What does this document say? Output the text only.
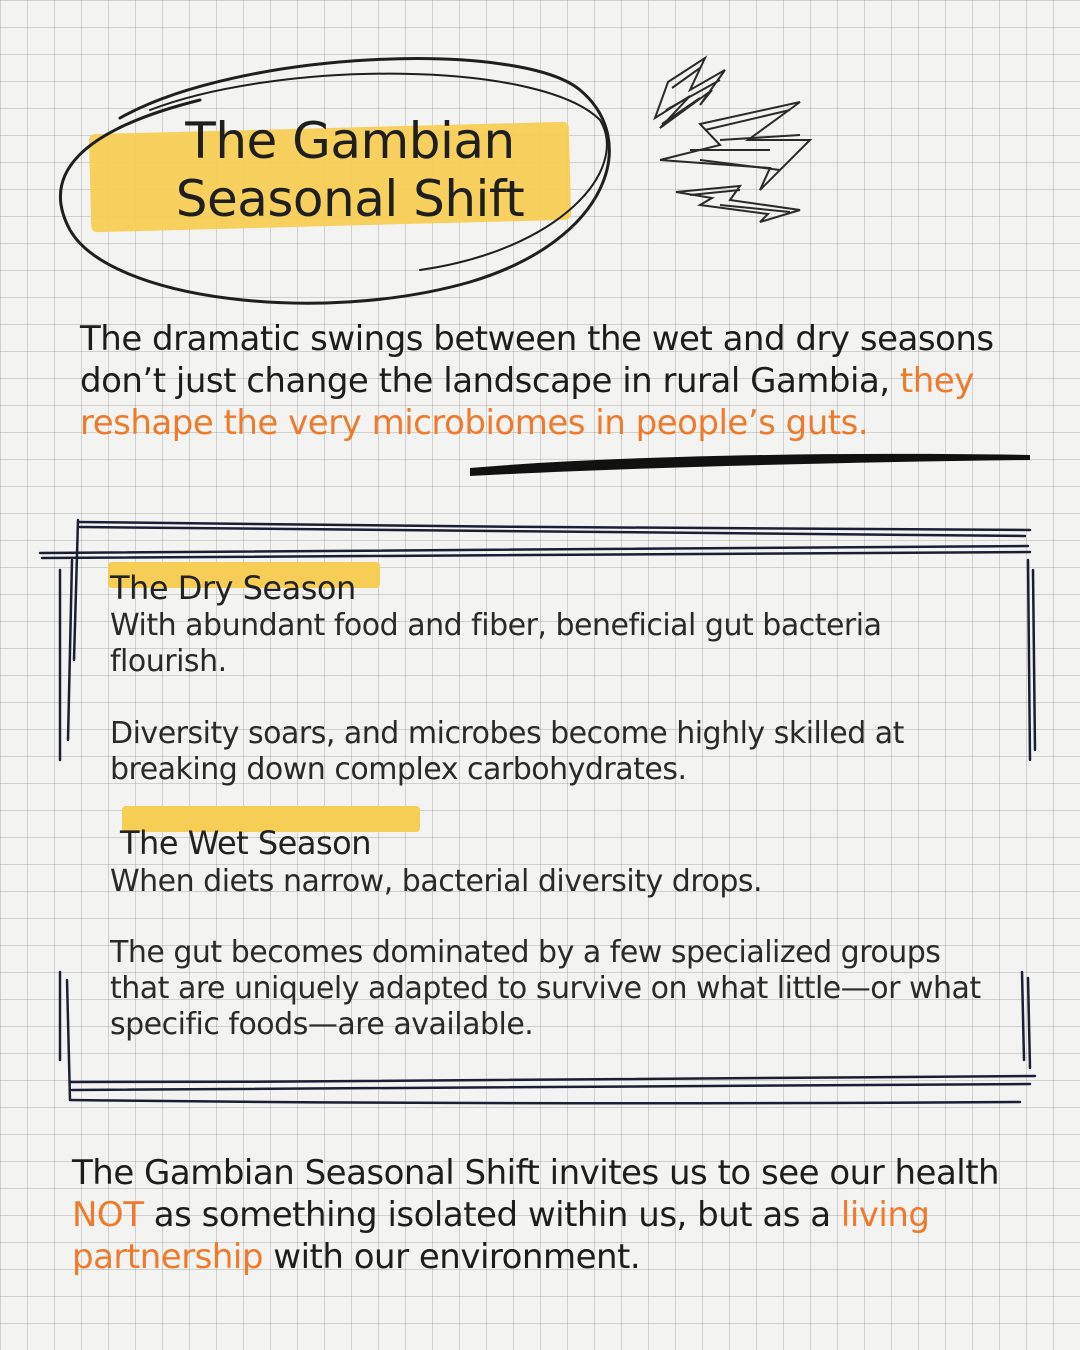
The Gambian
Seasonal Shift
The dramatic swings between the wet and dry seasons don’t just change the landscape in rural Gambia, they reshape the very microbiomes in people’s guts.
The Dry Season
With abundant food and fiber, beneficial gut bacteria flourish.
Diversity soars, and microbes become highly skilled at breaking down complex carbohydrates.
The Wet Season
When diets narrow, bacterial diversity drops.
The gut becomes dominated by a few specialized groups that are uniquely adapted to survive on what little—or what specific foods—are available.
The Gambian Seasonal Shift invites us to see our health NOT as something isolated within us, but as a living partnership with our environment.
